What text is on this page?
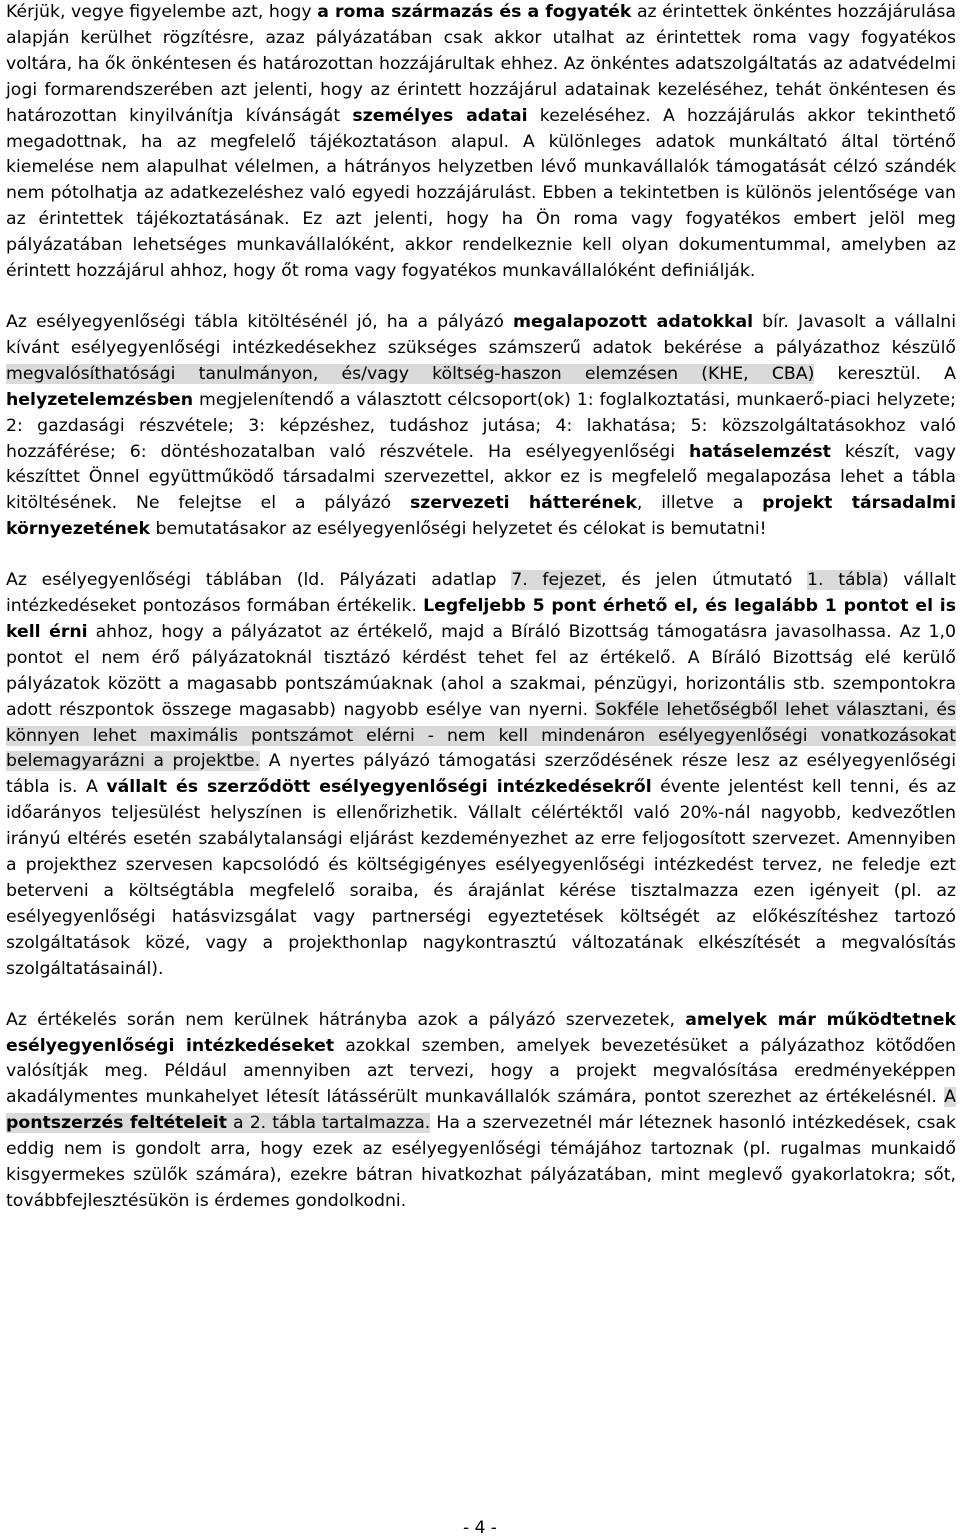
Kérjük, vegye figyelembe azt, hogy a roma származás és a fogyaték az érintettek önkéntes hozzájárulása alapján kerülhet rögzítésre, azaz pályázatában csak akkor utalhat az érintettek roma vagy fogyatékos voltára, ha ők önkéntesen és határozottan hozzájárultak ehhez. Az önkéntes adatszolgáltatás az adatvédelmi jogi formarendszerében azt jelenti, hogy az érintett hozzájárul adatainak kezeléséhez, tehát önkéntesen és határozottan kinyilvánítja kívánságát személyes adatai kezeléséhez. A hozzájárulás akkor tekinthető megadottnak, ha az megfelelő tájékoztatáson alapul. A különleges adatok munkáltató által történő kiemelése nem alapulhat vélelmen, a hátrányos helyzetben lévő munkavállalók támogatását célzó szándék nem pótolhatja az adatkezeléshez való egyedi hozzájárulást. Ebben a tekintetben is különös jelentősége van az érintettek tájékoztatásának. Ez azt jelenti, hogy ha Ön roma vagy fogyatékos embert jelöl meg pályázatában lehetséges munkavállalóként, akkor rendelkeznie kell olyan dokumentummal, amelyben az érintett hozzájárul ahhoz, hogy őt roma vagy fogyatékos munkavállalóként definiálják.

Az esélyegyenlőségi tábla kitöltésénél jó, ha a pályázó megalapozott adatokkal bír. Javasolt a vállalni kívánt esélyegyenlőségi intézkedésekhez szükséges számszerű adatok bekérése a pályázathoz készülő megvalósíthatósági tanulmányon, és/vagy költség-haszon elemzésen (KHE, CBA) keresztül. A helyzetelemzésben megjelenítendő a választott célcsoport(ok) 1: foglalkoztatási, munkaerő-piaci helyzete; 2: gazdasági részvétele; 3: képzéshez, tudáshoz jutása; 4: lakhatása; 5: közszolgáltatásokhoz való hozzáférése; 6: döntéshozatalban való részvétele. Ha esélyegyenlőségi hatáselemzést készít, vagy készíttet Önnel együttműködő társadalmi szervezettel, akkor ez is megfelelő megalapozása lehet a tábla kitöltésének. Ne felejtse el a pályázó szervezeti hátterének, illetve a projekt társadalmi környezetének bemutatásakor az esélyegyenlőségi helyzetet és célokat is bemutatni!

Az esélyegyenlőségi táblában (ld. Pályázati adatlap 7. fejezet, és jelen útmutató 1. tábla) vállalt intézkedéseket pontozásos formában értékelik. Legfeljebb 5 pont érhető el, és legalább 1 pontot el is kell érni ahhoz, hogy a pályázatot az értékelő, majd a Bíráló Bizottság támogatásra javasolhassa. Az 1,0 pontot el nem érő pályázatoknál tisztázó kérdést tehet fel az értékelő. A Bíráló Bizottság elé kerülő pályázatok között a magasabb pontszámúaknak (ahol a szakmai, pénzügyi, horizontális stb. szempontokra adott részpontok összege magasabb) nagyobb esélye van nyerni. Sokféle lehetőségből lehet választani, és könnyen lehet maximális pontszámot elérni - nem kell mindenáron esélyegyenlőségi vonatkozásokat belemagyarázni a projektbe. A nyertes pályázó támogatási szerződésének része lesz az esélyegyenlőségi tábla is. A vállalt és szerződött esélyegyenlőségi intézkedésekről évente jelentést kell tenni, és az időarányos teljesülést helyszínen is ellenőrizhetik. Vállalt célértéktől való 20%-nál nagyobb, kedvezőtlen irányú eltérés esetén szabálytalansági eljárást kezdeményezhet az erre feljogosított szervezet. Amennyiben a projekthez szervesen kapcsolódó és költségigényes esélyegyenlőségi intézkedést tervez, ne feledje ezt beterveni a költségtábla megfelelő soraiba, és árajánlat kérése tisztalmazza ezen igényeit (pl. az esélyegyenlőségi hatásvizsgálat vagy partnerségi egyeztetések költségét az előkészítéshez tartozó szolgáltatások közé, vagy a projekthonlap nagykontrasztú változatának elkészítését a megvalósítás szolgáltatásainál).

Az értékelés során nem kerülnek hátrányba azok a pályázó szervezetek, amelyek már működtetnek esélyegyenlőségi intézkedéseket azokkal szemben, amelyek bevezetésüket a pályázathoz kötődően valósítják meg. Például amennyiben azt tervezi, hogy a projekt megvalósítása eredményeképpen akadálymentes munkahelyet létesít látássérült munkavállalók számára, pontot szerezhet az értékelésnél. A pontszerzés feltételeit a 2. tábla tartalmazza. Ha a szervezetnél már léteznek hasonló intézkedések, csak eddig nem is gondolt arra, hogy ezek az esélyegyenlőségi témájához tartoznak (pl. rugalmas munkaidő kisgyermekes szülők számára), ezekre bátran hivatkozhat pályázatában, mint meglevő gyakorlatokra; sőt, továbbfejlesztésükön is érdemes gondolkodni.

- 4 -
